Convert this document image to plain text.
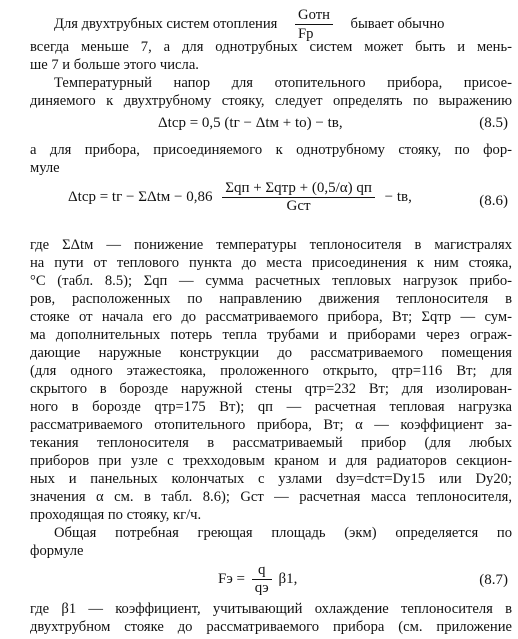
Для двухтрубных систем отопления $\frac{\text{Gотн}}{Fр}$ бывает обычно
всегда меньше 7, а для однотрубных систем может быть и мень-
ше 7 и больше этого числа.
Температурный напор для отопительного прибора, присое-
диняемого к двухтрубному стояку, следует определять по выражению
Δtср = 0,5 (tг − Δtм + tо) − tв,	(8.5)
а для прибора, присоединяемого к однотрубному стояку, по фор-
муле
Δtср = tг − $\Sigma\Delta tм - 0,86 \frac{\text{Σqп + Σqтр + (0,5/α) qп}}{\text{Gст}}$ − tв,	(8.6)
где ΣΔtм — понижение температуры теплоносителя в магистралях
на пути от теплового пункта до места присоединения к ним стояка,
°С (табл. 8.5); Σqп — сумма расчетных тепловых нагрузок прибо-
ров, расположенных по направлению движения теплоносителя в
стояке от начала его до рассматриваемого прибора, Вт; Σqтр — сум-
ма дополнительных потерь тепла трубами и приборами через ограж-
дающие наружные конструкции до рассматриваемого помещения
(для одного этажестояка, проложенного открыто, qтр=116 Вт; для
скрытого в борозде наружной стены qтр=232 Вт; для изолирован-
ного в борозде qтр=175 Вт); qп — расчетная тепловая нагрузка
рассматриваемого отопительного прибора, Вт; α — коэффициент за-
текания теплоносителя в рассматриваемый прибор (для любых
приборов при узле с трехходовым краном и для радиаторов секцион-
ных и панельных колончатых с узлами dзу=dст=Dу15 или Dу20;
значения α см. в табл. 8.6); Gст — расчетная масса теплоносителя,
проходящая по стояку, кг/ч.
Общая потребная греющая площадь (экм) определяется по
формуле
Fэ = $\frac{q}{qэ} \beta 1$,	(8.7)
где β1 — коэффициент, учитывающий охлаждение теплоносителя в
двухтрубном стояке до рассматриваемого прибора (см. приложение
